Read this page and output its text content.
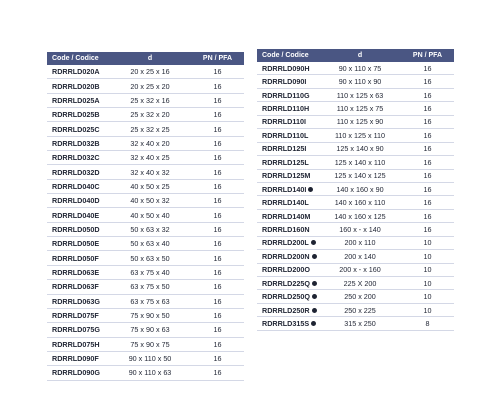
Code / Codice	d	PN / PFA
RDRRLD020A	20 x 25 x 16	16
RDRRLD020B	20 x 25 x 20	16
RDRRLD025A	25 x 32 x 16	16
RDRRLD025B	25 x 32 x 20	16
RDRRLD025C	25 x 32 x 25	16
RDRRLD032B	32 x 40 x 20	16
RDRRLD032C	32 x 40 x 25	16
RDRRLD032D	32 x 40 x 32	16
RDRRLD040C	40 x 50 x 25	16
RDRRLD040D	40 x 50 x 32	16
RDRRLD040E	40 x 50 x 40	16
RDRRLD050D	50 x 63 x 32	16
RDRRLD050E	50 x 63 x 40	16
RDRRLD050F	50 x 63 x 50	16
RDRRLD063E	63 x 75 x 40	16
RDRRLD063F	63 x 75 x 50	16
RDRRLD063G	63 x 75 x 63	16
RDRRLD075F	75 x 90 x 50	16
RDRRLD075G	75 x 90 x 63	16
RDRRLD075H	75 x 90 x 75	16
RDRRLD090F	90 x 110 x 50	16
RDRRLD090G	90 x 110 x 63	16
Code / Codice	d	PN / PFA
RDRRLD090H	90 x 110 x 75	16
RDRRLD090I	90 x 110 x 90	16
RDRRLD110G	110 x 125 x 63	16
RDRRLD110H	110 x 125 x 75	16
RDRRLD110I	110 x 125 x 90	16
RDRRLD110L	110 x 125 x 110	16
RDRRLD125I	125 x 140 x 90	16
RDRRLD125L	125 x 140 x 110	16
RDRRLD125M	125 x 140 x 125	16
RDRRLD140I	140 x 160 x 90	16
RDRRLD140L	140 x 160 x 110	16
RDRRLD140M	140 x 160 x 125	16
RDRRLD160N	160 x - x 140	16
RDRRLD200L	200 x 110	10
RDRRLD200N	200 x 140	10
RDRRLD200O	200 x - x 160	10
RDRRLD225Q	225 X 200	10
RDRRLD250Q	250 x 200	10
RDRRLD250R	250 x 225	10
RDRRLD315S	315 x 250	8
